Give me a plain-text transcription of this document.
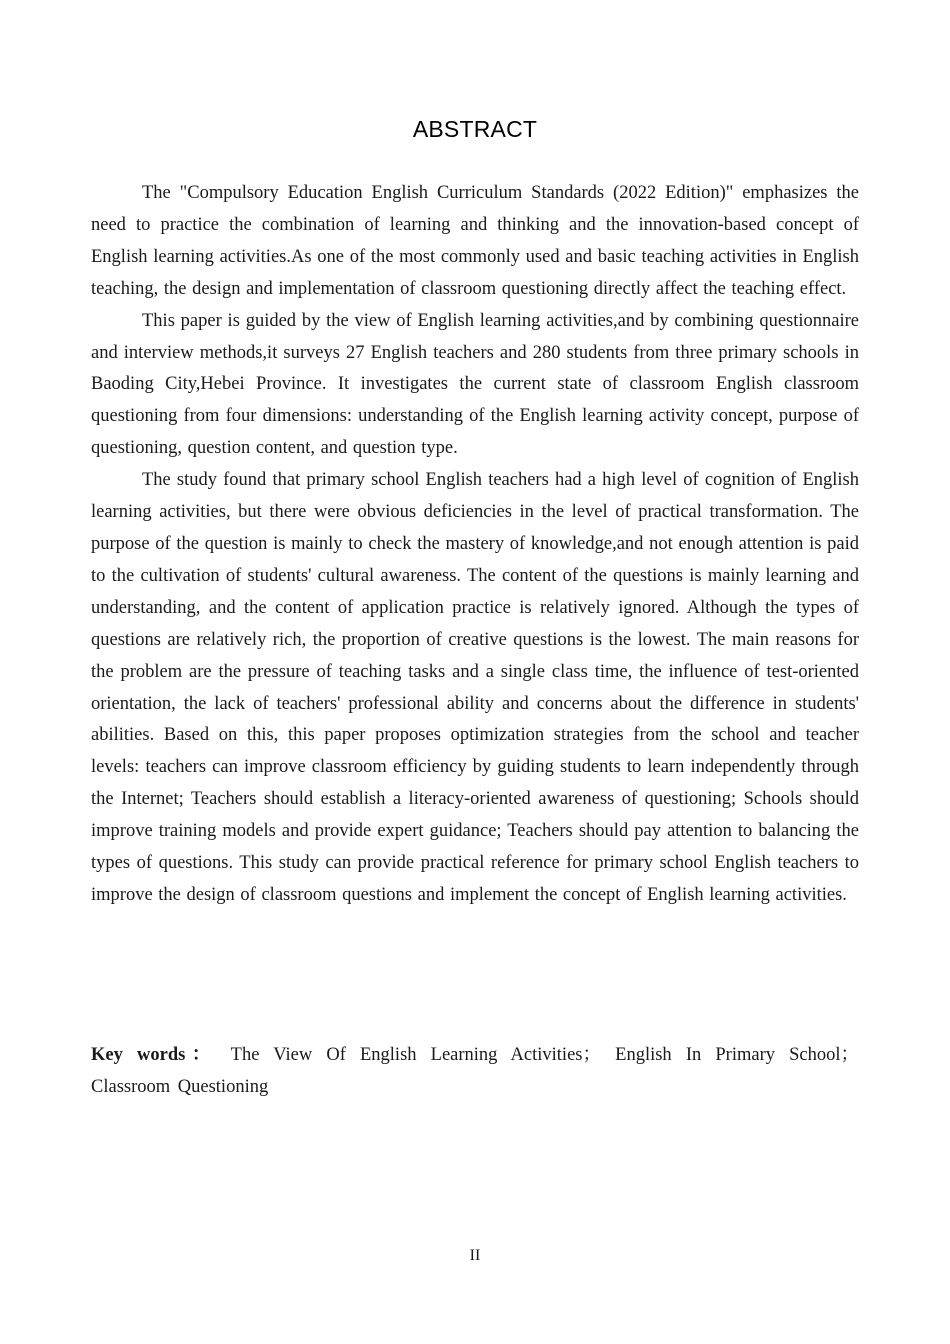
ABSTRACT

The "Compulsory Education English Curriculum Standards (2022 Edition)" emphasizes the need to practice the combination of learning and thinking and the innovation-based concept of English learning activities.As one of the most commonly used and basic teaching activities in English teaching, the design and implementation of classroom questioning directly affect the teaching effect.

This paper is guided by the view of English learning activities,and by combining questionnaire and interview methods,it surveys 27 English teachers and 280 students from three primary schools in Baoding City,Hebei Province. It investigates the current state of classroom English classroom questioning from four dimensions: understanding of the English learning activity concept, purpose of questioning, question content, and question type.

The study found that primary school English teachers had a high level of cognition of English learning activities, but there were obvious deficiencies in the level of practical transformation. The purpose of the question is mainly to check the mastery of knowledge,and not enough attention is paid to the cultivation of students' cultural awareness. The content of the questions is mainly learning and understanding, and the content of application practice is relatively ignored. Although the types of questions are relatively rich, the proportion of creative questions is the lowest. The main reasons for the problem are the pressure of teaching tasks and a single class time, the influence of test-oriented orientation, the lack of teachers' professional ability and concerns about the difference in students' abilities. Based on this, this paper proposes optimization strategies from the school and teacher levels: teachers can improve classroom efficiency by guiding students to learn independently through the Internet; Teachers should establish a literacy-oriented awareness of questioning; Schools should improve training models and provide expert guidance; Teachers should pay attention to balancing the types of questions. This study can provide practical reference for primary school English teachers to improve the design of classroom questions and implement the concept of English learning activities.

Key words： The View Of English Learning Activities； English In Primary School； Classroom Questioning
II
